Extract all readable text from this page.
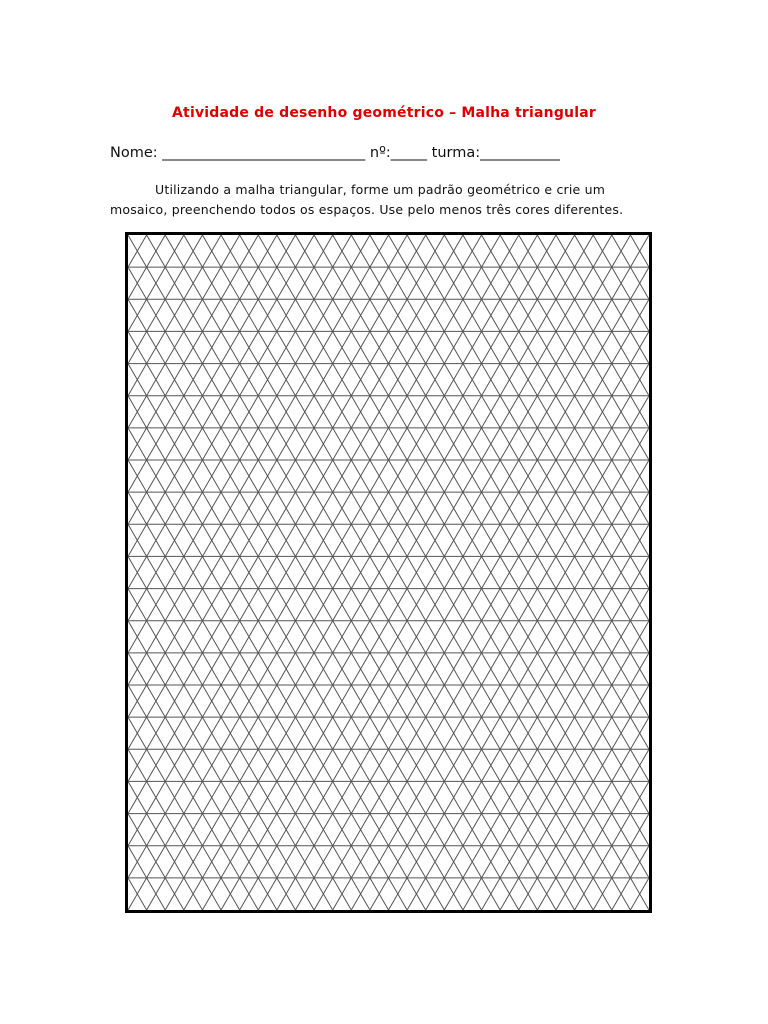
Atividade de desenho geométrico – Malha triangular
Nome: ____________________________ nº:_____ turma:___________
Utilizando a malha triangular, forme um padrão geométrico e crie um mosaico, preenchendo todos os espaços. Use pelo menos três cores diferentes.
